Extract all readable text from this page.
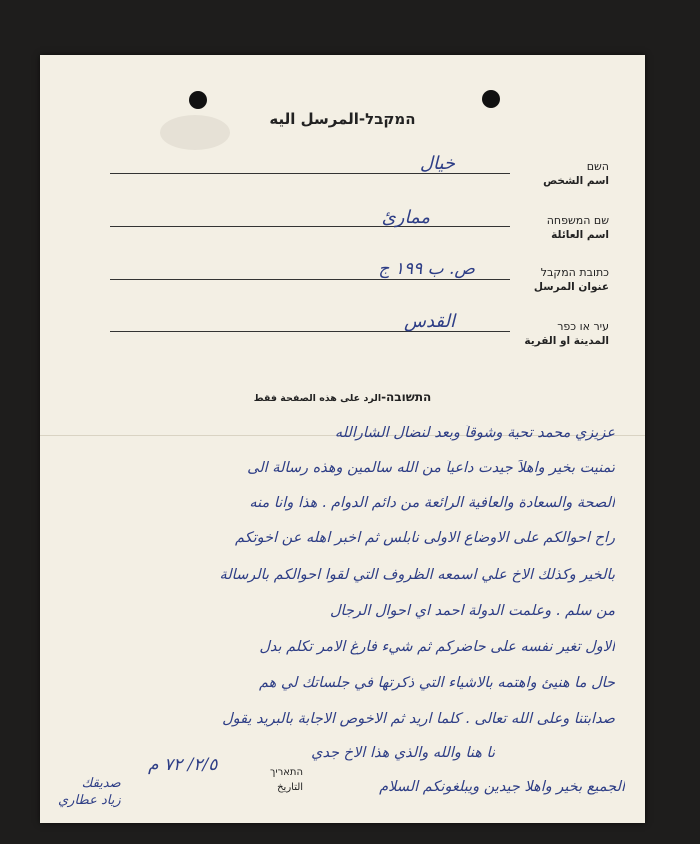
המקבל-المرسل اليه
השם
اسم الشخص
خيال
שם המשפחה
اسم العائلة
ممارئ
כתובת המקבל
عنوان المرسل
ص. ب ١٩٩ ج
עיר או כפר
المدينة او القرية
القدس
התשובה-الرد على هذه الصفحة فقط
عزيزي محمد تحية وشوقاً وبعد لنضال الشارالله
تمنيت بخير واهلاً جيدت داعياً من الله سالمين وهذه رسالة الى
الصحة والسعادة والعافية الرائعة من دائم الدوام . هذا وانا منه
راح احوالكم على الاوضاع الاولى نابلس ثم اخبر اهله عن اخوتكم
بالخير وكذلك الاخ علي اسمعه الظروف التي لقوا احوالكم بالرسالة
من سلم . وعلمت الدولة احمد اي احوال الرجال
الاول تغير نفسه على حاضركم ثم شيء فارغ الامر تكلم بدل
حال ما هنيئ واهتمه بالاشياء التي ذكرتها في جلساتك لي هم
صدابتنا وعلى الله تعالى . كلما اريد ثم الاخوص الاجابة بالبريد يقول
نا هنا والله والذي هذا الاخ جدي
الجميع بخير واهلا جيدين ويبلغونكم السلام
התאריך
التاريخ
٢/٥/ ٧٢ م
صديقك
زياد عطاري
